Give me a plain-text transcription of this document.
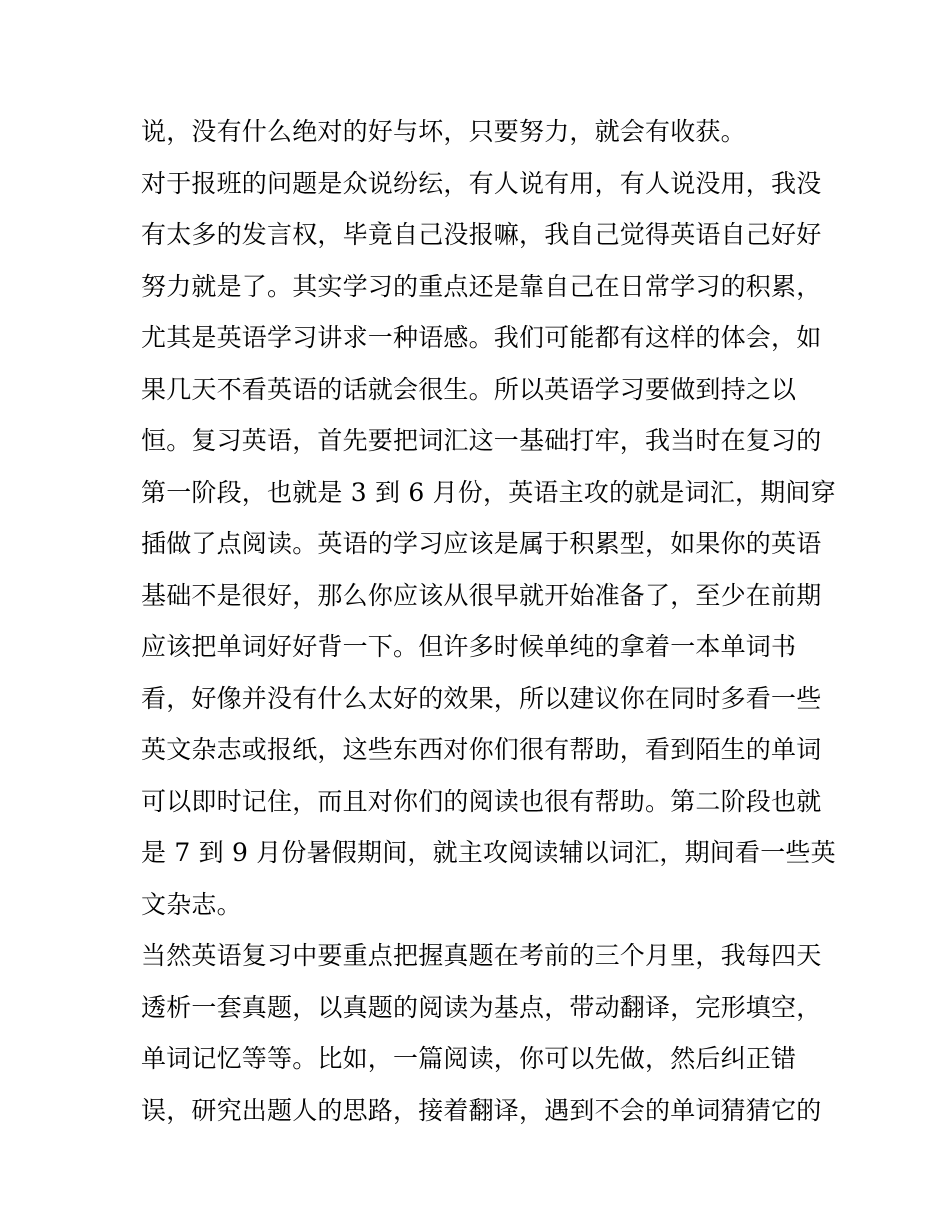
说，没有什么绝对的好与坏，只要努力，就会有收获。
对于报班的问题是众说纷纭，有人说有用，有人说没用，我没
有太多的发言权，毕竟自己没报嘛，我自己觉得英语自己好好
努力就是了。其实学习的重点还是靠自己在日常学习的积累，
尤其是英语学习讲求一种语感。我们可能都有这样的体会，如
果几天不看英语的话就会很生。所以英语学习要做到持之以
恒。复习英语，首先要把词汇这一基础打牢，我当时在复习的
第一阶段，也就是 3 到 6 月份，英语主攻的就是词汇，期间穿
插做了点阅读。英语的学习应该是属于积累型，如果你的英语
基础不是很好，那么你应该从很早就开始准备了，至少在前期
应该把单词好好背一下。但许多时候单纯的拿着一本单词书
看，好像并没有什么太好的效果，所以建议你在同时多看一些
英文杂志或报纸，这些东西对你们很有帮助，看到陌生的单词
可以即时记住，而且对你们的阅读也很有帮助。第二阶段也就
是 7 到 9 月份暑假期间，就主攻阅读辅以词汇，期间看一些英
文杂志。
当然英语复习中要重点把握真题在考前的三个月里，我每四天
透析一套真题，以真题的阅读为基点，带动翻译，完形填空，
单词记忆等等。比如，一篇阅读，你可以先做，然后纠正错
误，研究出题人的思路，接着翻译，遇到不会的单词猜猜它的
